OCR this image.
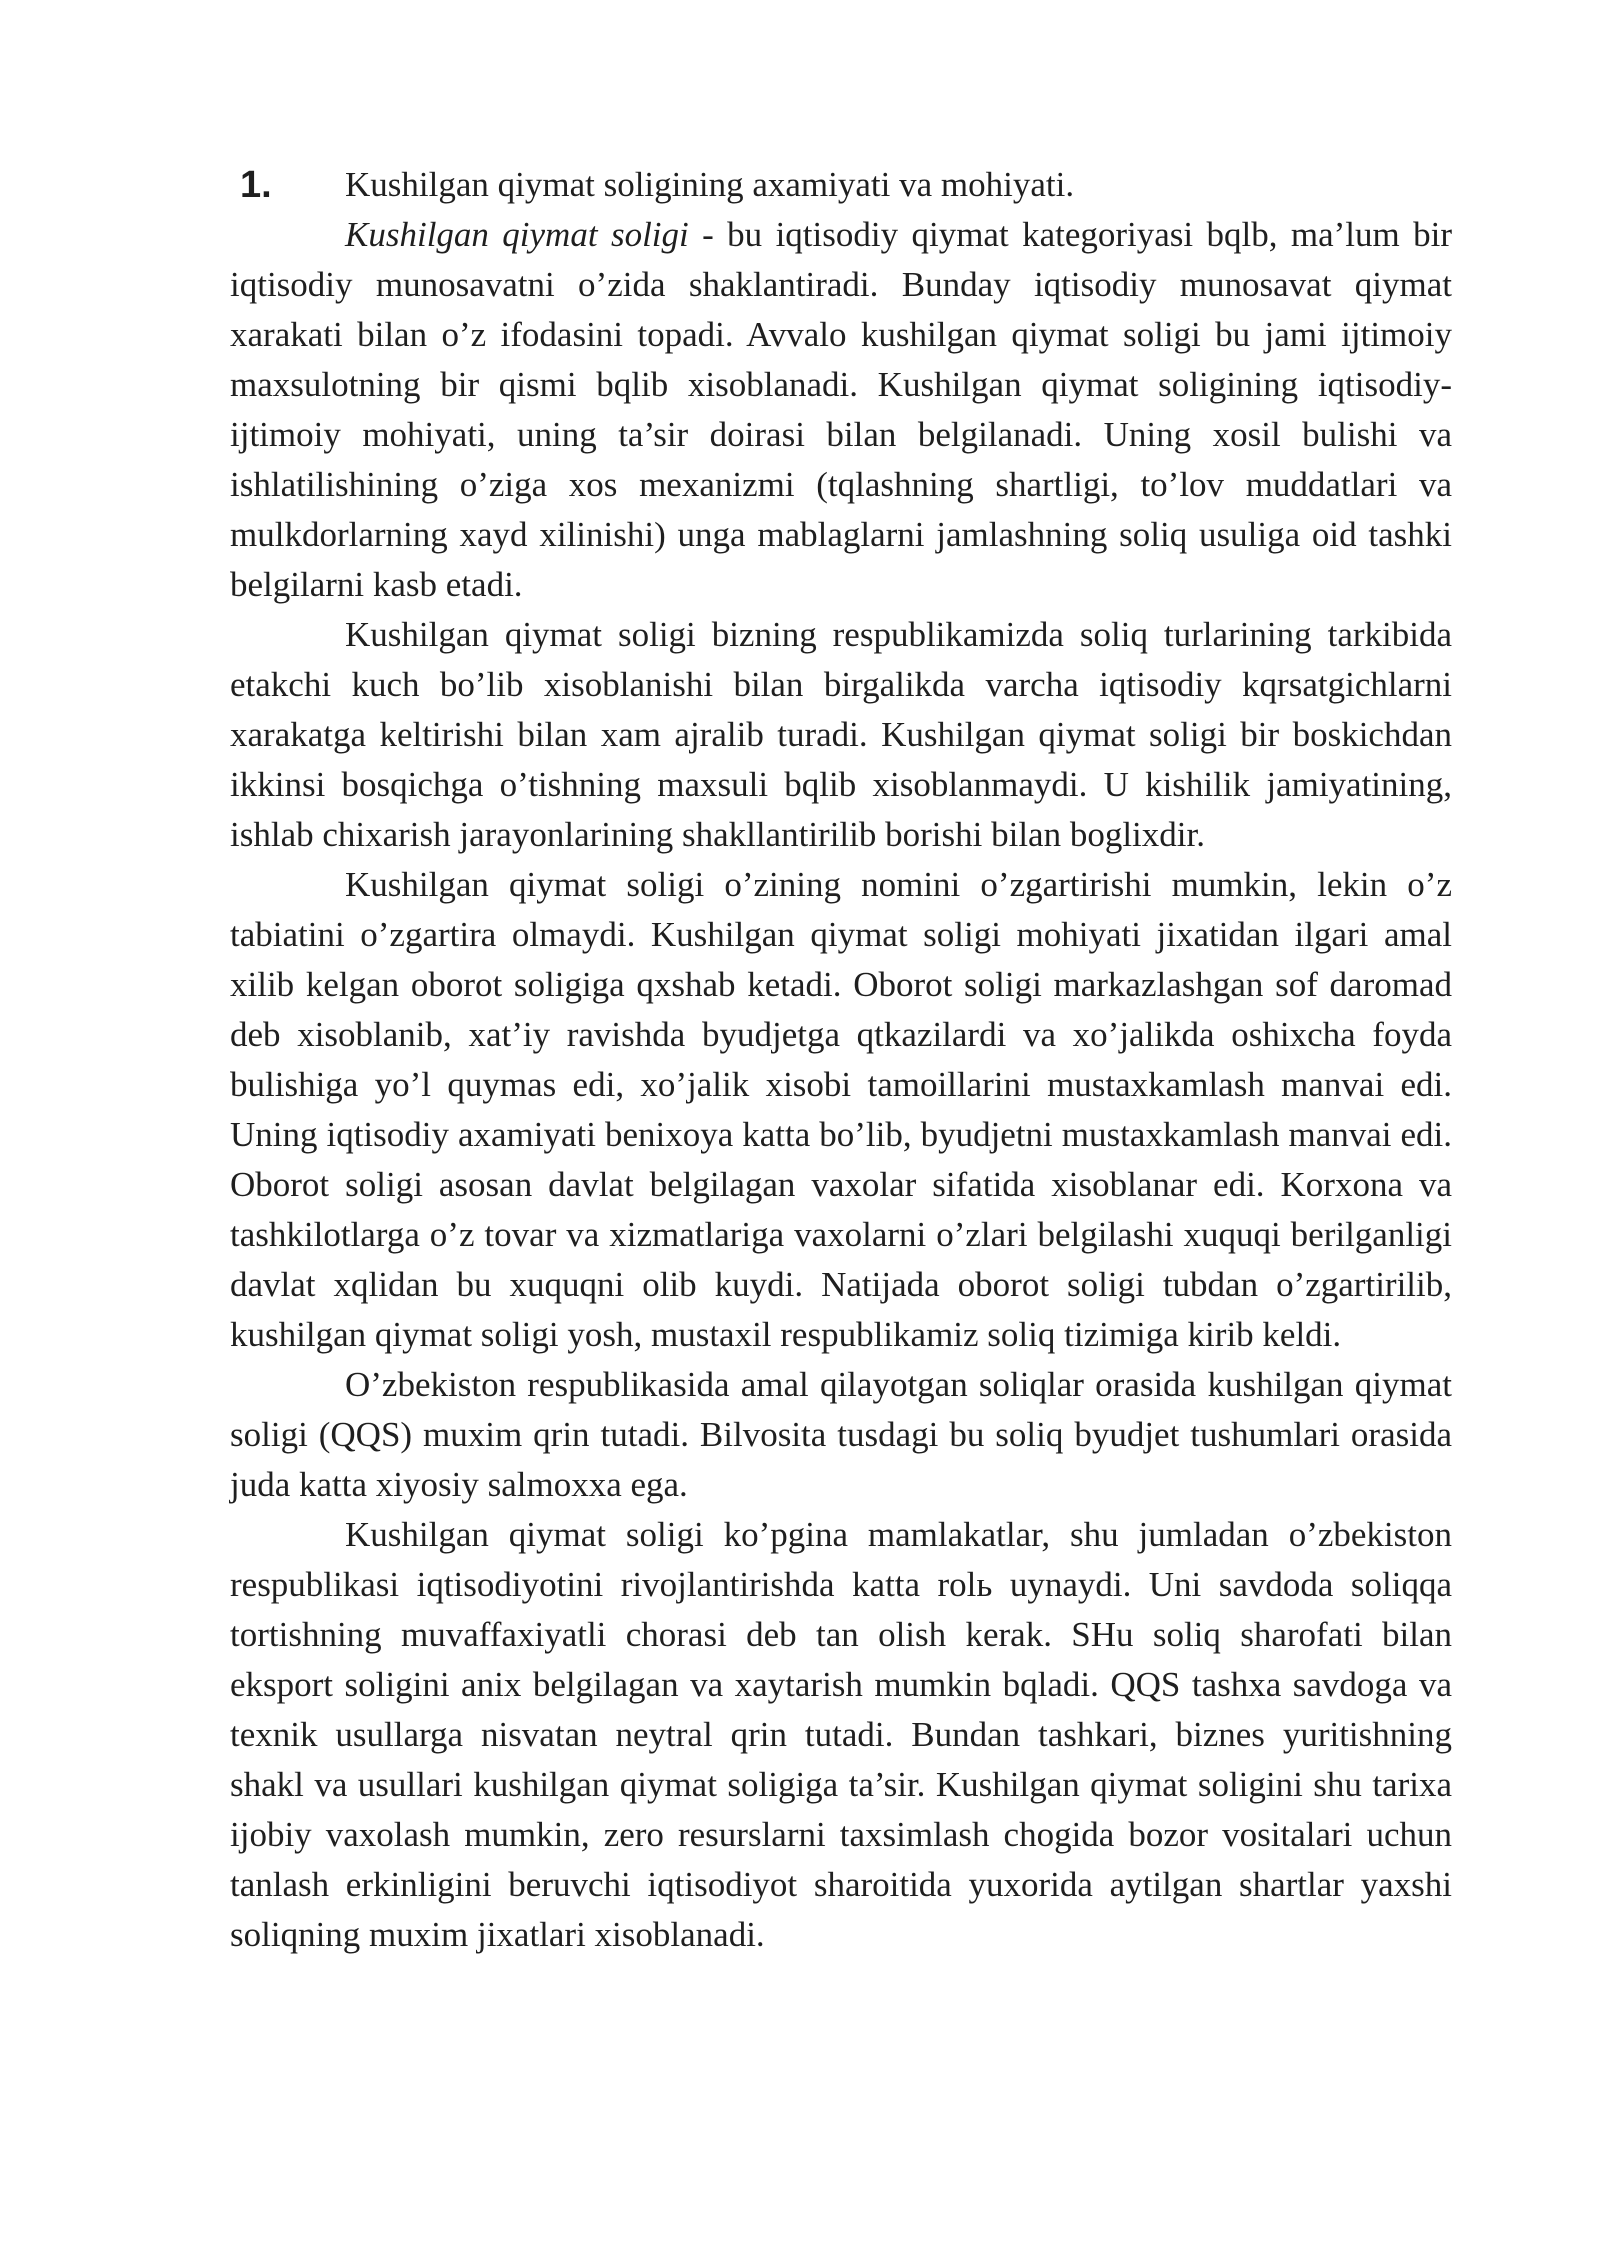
1. Kushilgan qiymat soligining axamiyati va mohiyati.

Kushilgan qiymat soligi - bu iqtisodiy qiymat kategoriyasi bqlb, ma’lum bir iqtisodiy munosavatni o’zida shaklantiradi. Bunday iqtisodiy munosavat qiymat xarakati bilan o’z ifodasini topadi. Avvalo kushilgan qiymat soligi bu jami ijtimoiy maxsulotning bir qismi bqlib xisoblanadi. Kushilgan qiymat soligining iqtisodiy-ijtimoiy mohiyati, uning ta’sir doirasi bilan belgilanadi. Uning xosil bulishi va ishlatilishining o’ziga xos mexanizmi (tqlashning shartligi, to’lov muddatlari va mulkdorlarning xayd xilinishi) unga mablaglarni jamlashning soliq usuliga oid tashki belgilarni kasb etadi.

Kushilgan qiymat soligi bizning respublikamizda soliq turlarining tarkibida etakchi kuch bo’lib xisoblanishi bilan birgalikda varcha iqtisodiy kqrsatgichlarni xarakatga keltirishi bilan xam ajralib turadi. Kushilgan qiymat soligi bir boskichdan ikkinsi bosqichga o’tishning maxsuli bqlib xisoblanmaydi. U kishilik jamiyatining, ishlab chixarish jarayonlarining shakllantirilib borishi bilan boglixdir.

Kushilgan qiymat soligi o’zining nomini o’zgartirishi mumkin, lekin o’z tabiatini o’zgartira olmaydi. Kushilgan qiymat soligi mohiyati jixatidan ilgari amal xilib kelgan oborot soligiga qxshab ketadi. Oborot soligi markazlashgan sof daromad deb xisoblanib, xat’iy ravishda byudjetga qtkazilardi va xo’jalikda oshixcha foyda bulishiga yo’l quymas edi, xo’jalik xisobi tamoillarini mustaxkamlash manvai edi. Uning iqtisodiy axamiyati benixoya katta bo’lib, byudjetni mustaxkamlash manvai edi. Oborot soligi asosan davlat belgilagan vaxolar sifatida xisoblanar edi. Korxona va tashkilotlarga o’z tovar va xizmatlariga vaxolarni o’zlari belgilashi xuquqi berilganligi davlat xqlidan bu xuquqni olib kuydi. Natijada oborot soligi tubdan o’zgartirilib, kushilgan qiymat soligi yosh, mustaxil respublikamiz soliq tizimiga kirib keldi.

O’zbekiston respublikasida amal qilayotgan soliqlar orasida kushilgan qiymat soligi (QQS) muxim qrin tutadi. Bilvosita tusdagi bu soliq byudjet tushumlari orasida juda katta xiyosiy salmoxxa ega.

Kushilgan qiymat soligi ko’pgina mamlakatlar, shu jumladan o’zbekiston respublikasi iqtisodiyotini rivojlantirishda katta rolь uynaydi. Uni savdoda soliqqa tortishning muvaffaxiyatli chorasi deb tan olish kerak. SHu soliq sharofati bilan eksport soligini anix belgilagan va xaytarish mumkin bqladi. QQS tashxa savdoga va texnik usullarga nisvatan neytral qrin tutadi. Bundan tashkari, biznes yuritishning shakl va usullari kushilgan qiymat soligiga ta’sir. Kushilgan qiymat soligini shu tarixa ijobiy vaxolash mumkin, zero resurslarni taxsimlash chogida bozor vositalari uchun tanlash erkinligini beruvchi iqtisodiyot sharoitida yuxorida aytilgan shartlar yaxshi soliqning muxim jixatlari xisoblanadi.
